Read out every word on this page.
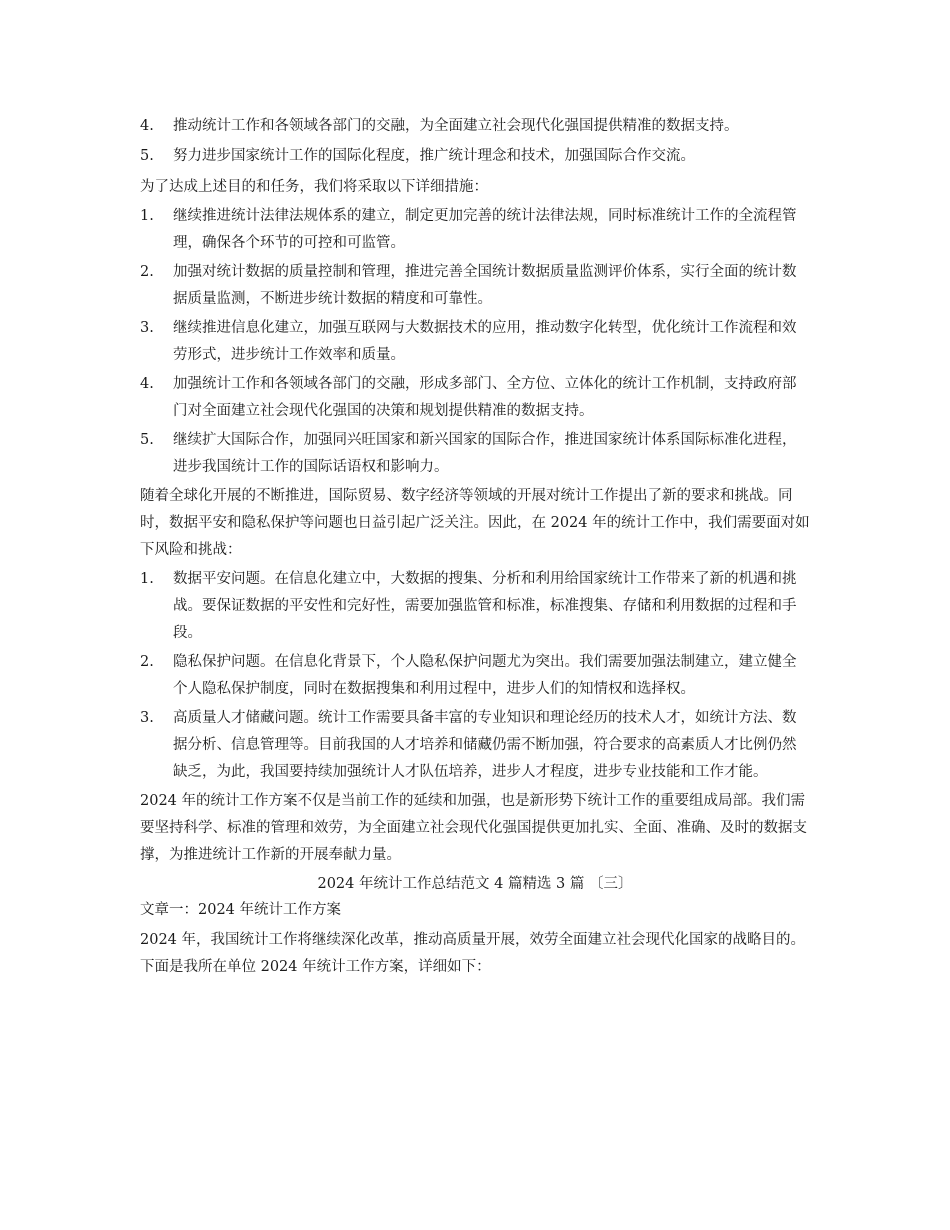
4. 推动统计工作和各领域各部门的交融，为全面建立社会现代化强国提供精准的数据支持。
5. 努力进步国家统计工作的国际化程度，推广统计理念和技术，加强国际合作交流。
为了达成上述目的和任务，我们将采取以下详细措施：
1. 继续推进统计法律法规体系的建立，制定更加完善的统计法律法规，同时标准统计工作的全流程管理，确保各个环节的可控和可监管。
2. 加强对统计数据的质量控制和管理，推进完善全国统计数据质量监测评价体系，实行全面的统计数据质量监测，不断进步统计数据的精度和可靠性。
3. 继续推进信息化建立，加强互联网与大数据技术的应用，推动数字化转型，优化统计工作流程和效劳形式，进步统计工作效率和质量。
4. 加强统计工作和各领域各部门的交融，形成多部门、全方位、立体化的统计工作机制，支持政府部门对全面建立社会现代化强国的决策和规划提供精准的数据支持。
5. 继续扩大国际合作，加强同兴旺国家和新兴国家的国际合作，推进国家统计体系国际标准化进程，进步我国统计工作的国际话语权和影响力。
随着全球化开展的不断推进，国际贸易、数字经济等领域的开展对统计工作提出了新的要求和挑战。同时，数据平安和隐私保护等问题也日益引起广泛关注。因此，在 2024 年的统计工作中，我们需要面对如下风险和挑战：
1. 数据平安问题。在信息化建立中，大数据的搜集、分析和利用给国家统计工作带来了新的机遇和挑战。要保证数据的平安性和完好性，需要加强监管和标准，标准搜集、存储和利用数据的过程和手段。
2. 隐私保护问题。在信息化背景下，个人隐私保护问题尤为突出。我们需要加强法制建立，建立健全个人隐私保护制度，同时在数据搜集和利用过程中，进步人们的知情权和选择权。
3. 高质量人才储藏问题。统计工作需要具备丰富的专业知识和理论经历的技术人才，如统计方法、数据分析、信息管理等。目前我国的人才培养和储藏仍需不断加强，符合要求的高素质人才比例仍然缺乏，为此，我国要持续加强统计人才队伍培养，进步人才程度，进步专业技能和工作才能。
2024 年的统计工作方案不仅是当前工作的延续和加强，也是新形势下统计工作的重要组成局部。我们需要坚持科学、标准的管理和效劳，为全面建立社会现代化强国提供更加扎实、全面、准确、及时的数据支撑，为推进统计工作新的开展奉献力量。
2024 年统计工作总结范文 4 篇精选 3 篇 〔三〕
文章一：2024 年统计工作方案
2024 年，我国统计工作将继续深化改革，推动高质量开展，效劳全面建立社会现代化国家的战略目的。下面是我所在单位 2024 年统计工作方案，详细如下：
